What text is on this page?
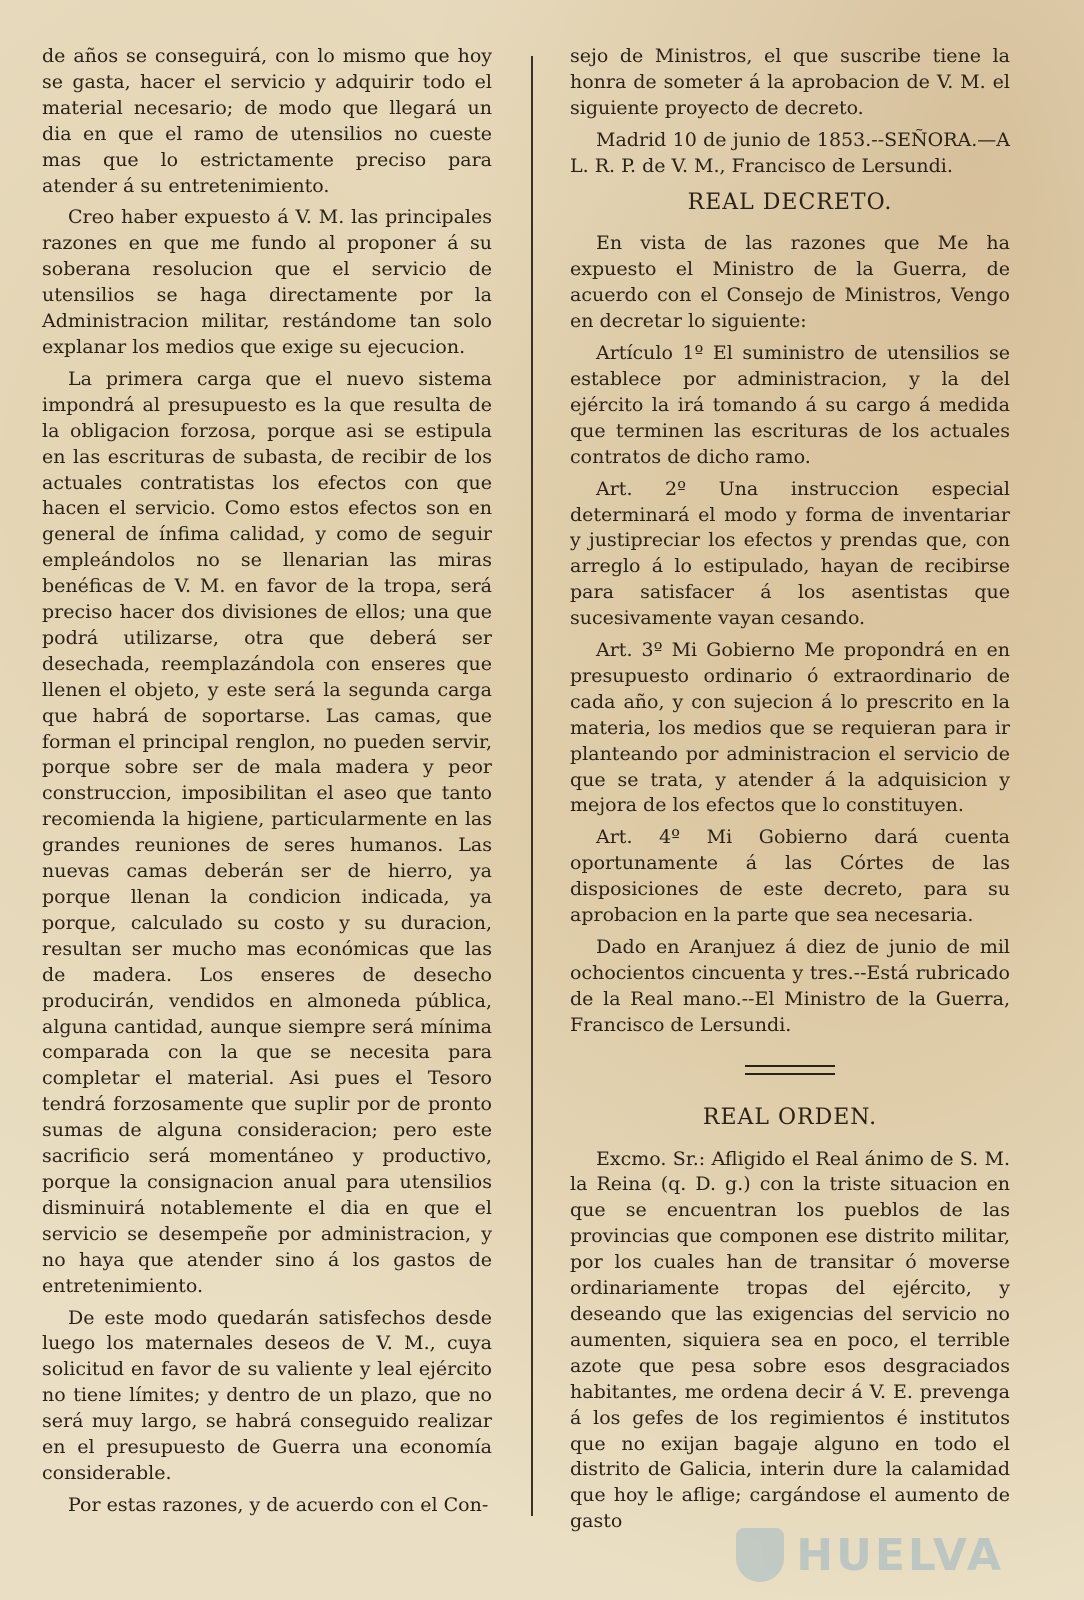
de años se conseguirá, con lo mismo que hoy se gasta, hacer el servicio y adquirir todo el material necesario; de modo que llegará un dia en que el ramo de utensilios no cueste mas que lo estrictamente preciso para atender á su entretenimiento.

Creo haber expuesto á V. M. las principales razones en que me fundo al proponer á su soberana resolucion que el servicio de utensilios se haga directamente por la Administracion militar, restándome tan solo explanar los medios que exige su ejecucion.

La primera carga que el nuevo sistema impondrá al presupuesto es la que resulta de la obligacion forzosa, porque asi se estipula en las escrituras de subasta, de recibir de los actuales contratistas los efectos con que hacen el servicio. Como estos efectos son en general de ínfima calidad, y como de seguir empleándolos no se llenarian las miras benéficas de V. M. en favor de la tropa, será preciso hacer dos divisiones de ellos; una que podrá utilizarse, otra que deberá ser desechada, reemplazándola con enseres que llenen el objeto, y este será la segunda carga que habrá de soportarse. Las camas, que forman el principal renglon, no pueden servir, porque sobre ser de mala madera y peor construccion, imposibilitan el aseo que tanto recomienda la higiene, particularmente en las grandes reuniones de seres humanos. Las nuevas camas deberán ser de hierro, ya porque llenan la condicion indicada, ya porque, calculado su costo y su duracion, resultan ser mucho mas económicas que las de madera. Los enseres de desecho producirán, vendidos en almoneda pública, alguna cantidad, aunque siempre será mínima comparada con la que se necesita para completar el material. Asi pues el Tesoro tendrá forzosamente que suplir por de pronto sumas de alguna consideracion; pero este sacrificio será momentáneo y productivo, porque la consignacion anual para utensilios disminuirá notablemente el dia en que el servicio se desempeñe por administracion, y no haya que atender sino á los gastos de entretenimiento.

De este modo quedarán satisfechos desde luego los maternales deseos de V. M., cuya solicitud en favor de su valiente y leal ejército no tiene límites; y dentro de un plazo, que no será muy largo, se habrá conseguido realizar en el presupuesto de Guerra una economía considerable.

Por estas razones, y de acuerdo con el Con-

sejo de Ministros, el que suscribe tiene la honra de someter á la aprobacion de V. M. el siguiente proyecto de decreto.

Madrid 10 de junio de 1853.--SEÑORA.—A L. R. P. de V. M., Francisco de Lersundi.

REAL DECRETO.

En vista de las razones que Me ha expuesto el Ministro de la Guerra, de acuerdo con el Consejo de Ministros, Vengo en decretar lo siguiente:

Artículo 1º El suministro de utensilios se establece por administracion, y la del ejército la irá tomando á su cargo á medida que terminen las escrituras de los actuales contratos de dicho ramo.

Art. 2º Una instruccion especial determinará el modo y forma de inventariar y justipreciar los efectos y prendas que, con arreglo á lo estipulado, hayan de recibirse para satisfacer á los asentistas que sucesivamente vayan cesando.

Art. 3º Mi Gobierno Me propondrá en en presupuesto ordinario ó extraordinario de cada año, y con sujecion á lo prescrito en la materia, los medios que se requieran para ir planteando por administracion el servicio de que se trata, y atender á la adquisicion y mejora de los efectos que lo constituyen.

Art. 4º Mi Gobierno dará cuenta oportunamente á las Córtes de las disposiciones de este decreto, para su aprobacion en la parte que sea necesaria.

Dado en Aranjuez á diez de junio de mil ochocientos cincuenta y tres.--Está rubricado de la Real mano.--El Ministro de la Guerra, Francisco de Lersundi.

REAL ORDEN.

Excmo. Sr.: Afligido el Real ánimo de S. M. la Reina (q. D. g.) con la triste situacion en que se encuentran los pueblos de las provincias que componen ese distrito militar, por los cuales han de transitar ó moverse ordinariamente tropas del ejército, y deseando que las exigencias del servicio no aumenten, siquiera sea en poco, el terrible azote que pesa sobre esos desgraciados habitantes, me ordena decir á V. E. prevenga á los gefes de los regimientos é institutos que no exijan bagaje alguno en todo el distrito de Galicia, interin dure la calamidad que hoy le aflige; cargándose el aumento de gasto

HUELVA
